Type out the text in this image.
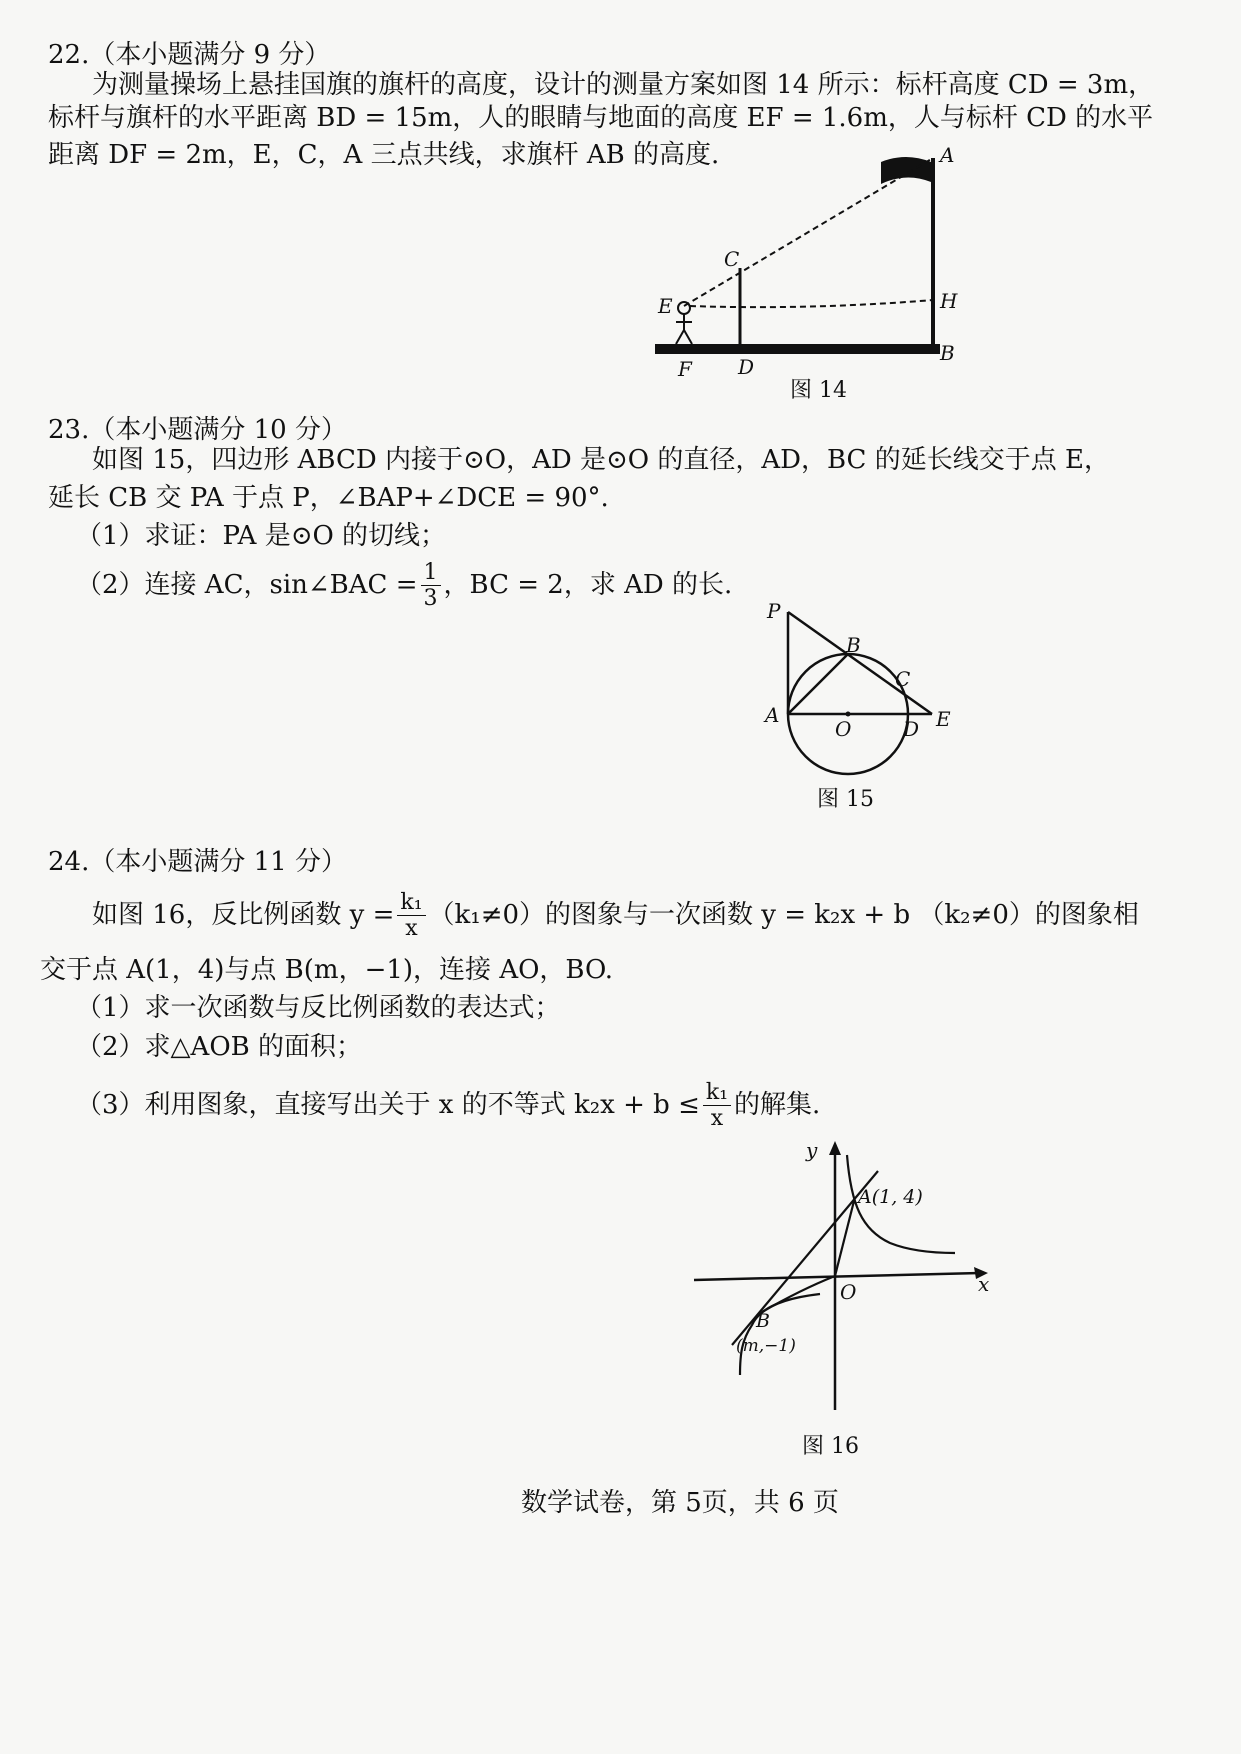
22.（本小题满分 9 分）
为测量操场上悬挂国旗的旗杆的高度，设计的测量方案如图 14 所示：标杆高度 CD = 3m，
标杆与旗杆的水平距离 BD = 15m，人的眼睛与地面的高度 EF = 1.6m，人与标杆 CD 的水平
距离 DF = 2m，E，C，A 三点共线，求旗杆 AB 的高度.	A
H
B
C
D
E
F
图 14
23.（本小题满分 10 分）
如图 15，四边形 ABCD 内接于⊙O，AD 是⊙O 的直径，AD，BC 的延长线交于点 E，
延长 CB 交 PA 于点 P，∠BAP+∠DCE = 90°.
（1）求证：PA 是⊙O 的切线；
（2）连接 AC，sin∠BAC = $\frac{1}{3}$ ，BC = 2，求 AD 的长.
P
B
C
A
O	D E
图 15
24.（本小题满分 11 分）
如图 16，反比例函数 $y = \frac{\text{k₁}}{x} (k_1\ne 0)$的图象与一次函数 y = k₂x + b （k₂≠0）的图象相
交于点 A(1，4)与点 B(m，−1)，连接 AO，BO.
（1）求一次函数与反比例函数的表达式；
（2）求△AOB 的面积；
（3）利用图象，直接写出关于 x 的不等式 $k_2x + b \le \frac{\text{k₁}}{x}$ 的解集.
y
x
O
A(1, 4)
B
(m,−1)
图 16
数学试卷，第 5页，共 6 页
